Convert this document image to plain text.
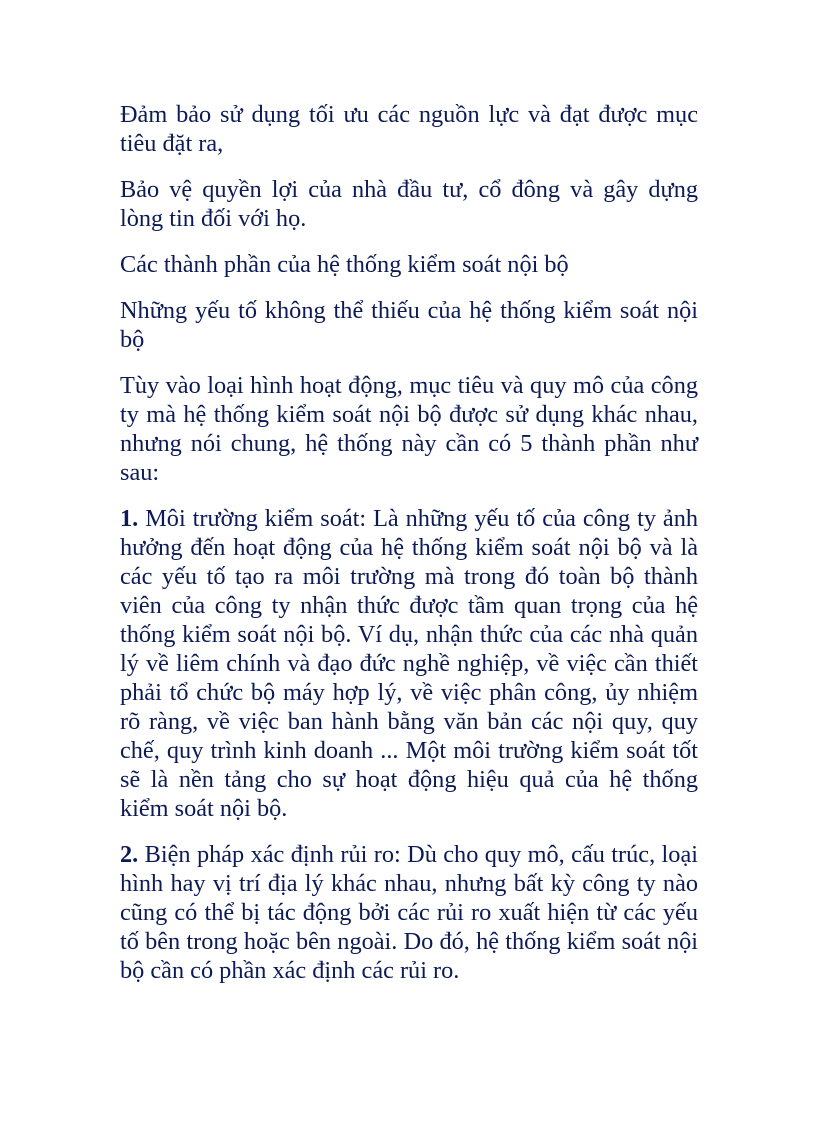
Đảm bảo sử dụng tối ưu các nguồn lực và đạt được mục tiêu đặt ra,

Bảo vệ quyền lợi của nhà đầu tư, cổ đông và gây dựng lòng tin đối với họ.

Các thành phần của hệ thống kiểm soát nội bộ

Những yếu tố không thể thiếu của hệ thống kiểm soát nội bộ

Tùy vào loại hình hoạt động, mục tiêu và quy mô của công ty mà hệ thống kiểm soát nội bộ được sử dụng khác nhau, nhưng nói chung, hệ thống này cần có 5 thành phần như sau:

1. Môi trường kiểm soát: Là những yếu tố của công ty ảnh hưởng đến hoạt động của hệ thống kiểm soát nội bộ và là các yếu tố tạo ra môi trường mà trong đó toàn bộ thành viên của công ty nhận thức được tầm quan trọng của hệ thống kiểm soát nội bộ. Ví dụ, nhận thức của các nhà quản lý về liêm chính và đạo đức nghề nghiệp, về việc cần thiết phải tổ chức bộ máy hợp lý, về việc phân công, ủy nhiệm rõ ràng, về việc ban hành bằng văn bản các nội quy, quy chế, quy trình kinh doanh ... Một môi trường kiểm soát tốt sẽ là nền tảng cho sự hoạt động hiệu quả của hệ thống kiểm soát nội bộ.

2. Biện pháp xác định rủi ro: Dù cho quy mô, cấu trúc, loại hình hay vị trí địa lý khác nhau, nhưng bất kỳ công ty nào cũng có thể bị tác động bởi các rủi ro xuất hiện từ các yếu tố bên trong hoặc bên ngoài. Do đó, hệ thống kiểm soát nội bộ cần có phần xác định các rủi ro.
